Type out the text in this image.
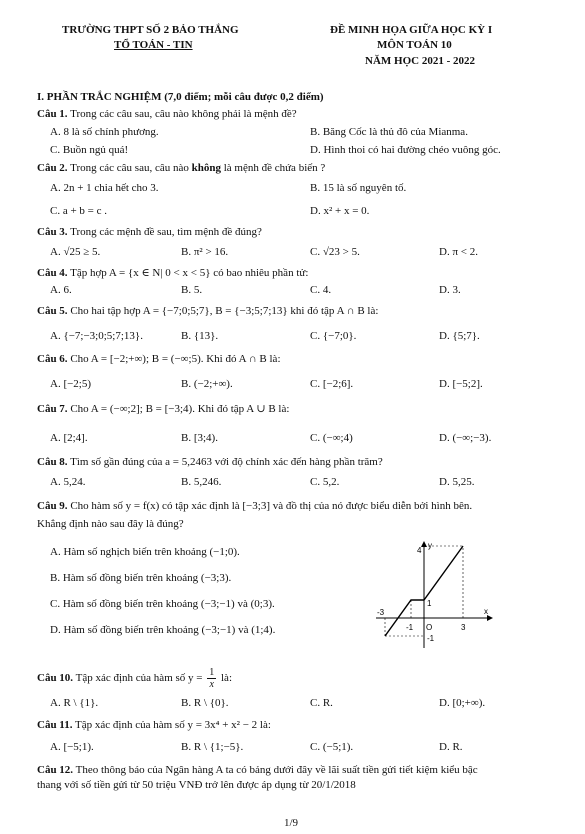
TRƯỜNG THPT SỐ 2 BẢO THẮNG
TỔ TOÁN - TIN
ĐỀ MINH HỌA GIỮA HỌC KỲ I
MÔN TOÁN 10
NĂM HỌC 2021 - 2022
I. PHẦN TRẮC NGHIỆM (7,0 điểm; mỗi câu được 0,2 điểm)
Câu 1. Trong các câu sau, câu nào không phải là mệnh đề?
A. 8 là số chính phương.	B. Băng Cốc là thủ đô của Mianma.
C. Buồn ngủ quá!	D. Hình thoi có hai đường chéo vuông góc.
Câu 2. Trong các câu sau, câu nào không là mệnh đề chứa biến ?
A. 2n + 1 chia hết cho 3.	B. 15 là số nguyên tố.
C. a + b = c .	D. x² + x = 0.
Câu 3. Trong các mệnh đề sau, tìm mệnh đề đúng?
A. √25 ≥ 5.	B. π² > 16.	C. √23 > 5.	D. π < 2.
Câu 4. Tập hợp A = {x ∈ N| 0 < x < 5} có bao nhiêu phần tử:
A. 6.	B. 5.	C. 4.	D. 3.
Câu 5. Cho hai tập hợp A = {−7;0;5;7}, B = {−3;5;7;13} khi đó tập A ∩ B là:
A. {−7;−3;0;5;7;13}.	B. {13}.	C. {−7;0}.	D. {5;7}.
Câu 6. Cho A = [−2;+∞); B = (−∞;5). Khi đó A ∩ B là:
A. [−2;5)	B. (−2;+∞).	C. [−2;6].	D. [−5;2].
Câu 7. Cho A = (−∞;2]; B = [−3;4). Khi đó tập A ∪ B là:
A. [2;4].	B. [3;4).	C. (−∞;4)	D. (−∞;−3).
Câu 8. Tìm số gần đúng của a = 5,2463 với độ chính xác đến hàng phần trăm?
A. 5,24.	B. 5,246.	C. 5,2.	D. 5,25.
Câu 9. Cho hàm số y = f(x) có tập xác định là [−3;3] và đồ thị của nó được biểu diễn bởi hình bên.
Khẳng định nào sau đây là đúng?
A. Hàm số nghịch biến trên khoảng (−1;0).
B. Hàm số đồng biến trên khoảng (−3;3).
C. Hàm số đồng biến trên khoảng (−3;−1) và (0;3).
D. Hàm số đồng biến trên khoảng (−3;−1) và (1;4).
y
x
4
-3
-1 O	3
1
-1
Câu 10. Tập xác định của hàm số $y = \frac{1}{x}$ là:
A. R \ {1}.	B. R \ {0}.	C. R.	D. [0;+∞).
Câu 11. Tập xác định của hàm số y = 3x⁴ + x² − 2 là:
A. [−5;1).	B. R \ {1;−5}.	C. (−5;1).	D. R.
Câu 12. Theo thông báo của Ngân hàng A ta có bảng dưới đây về lãi suất tiền gửi tiết kiệm kiểu bậc
thang với số tiền gửi từ 50 triệu VNĐ trở lên được áp dụng từ 20/1/2018
1/9
